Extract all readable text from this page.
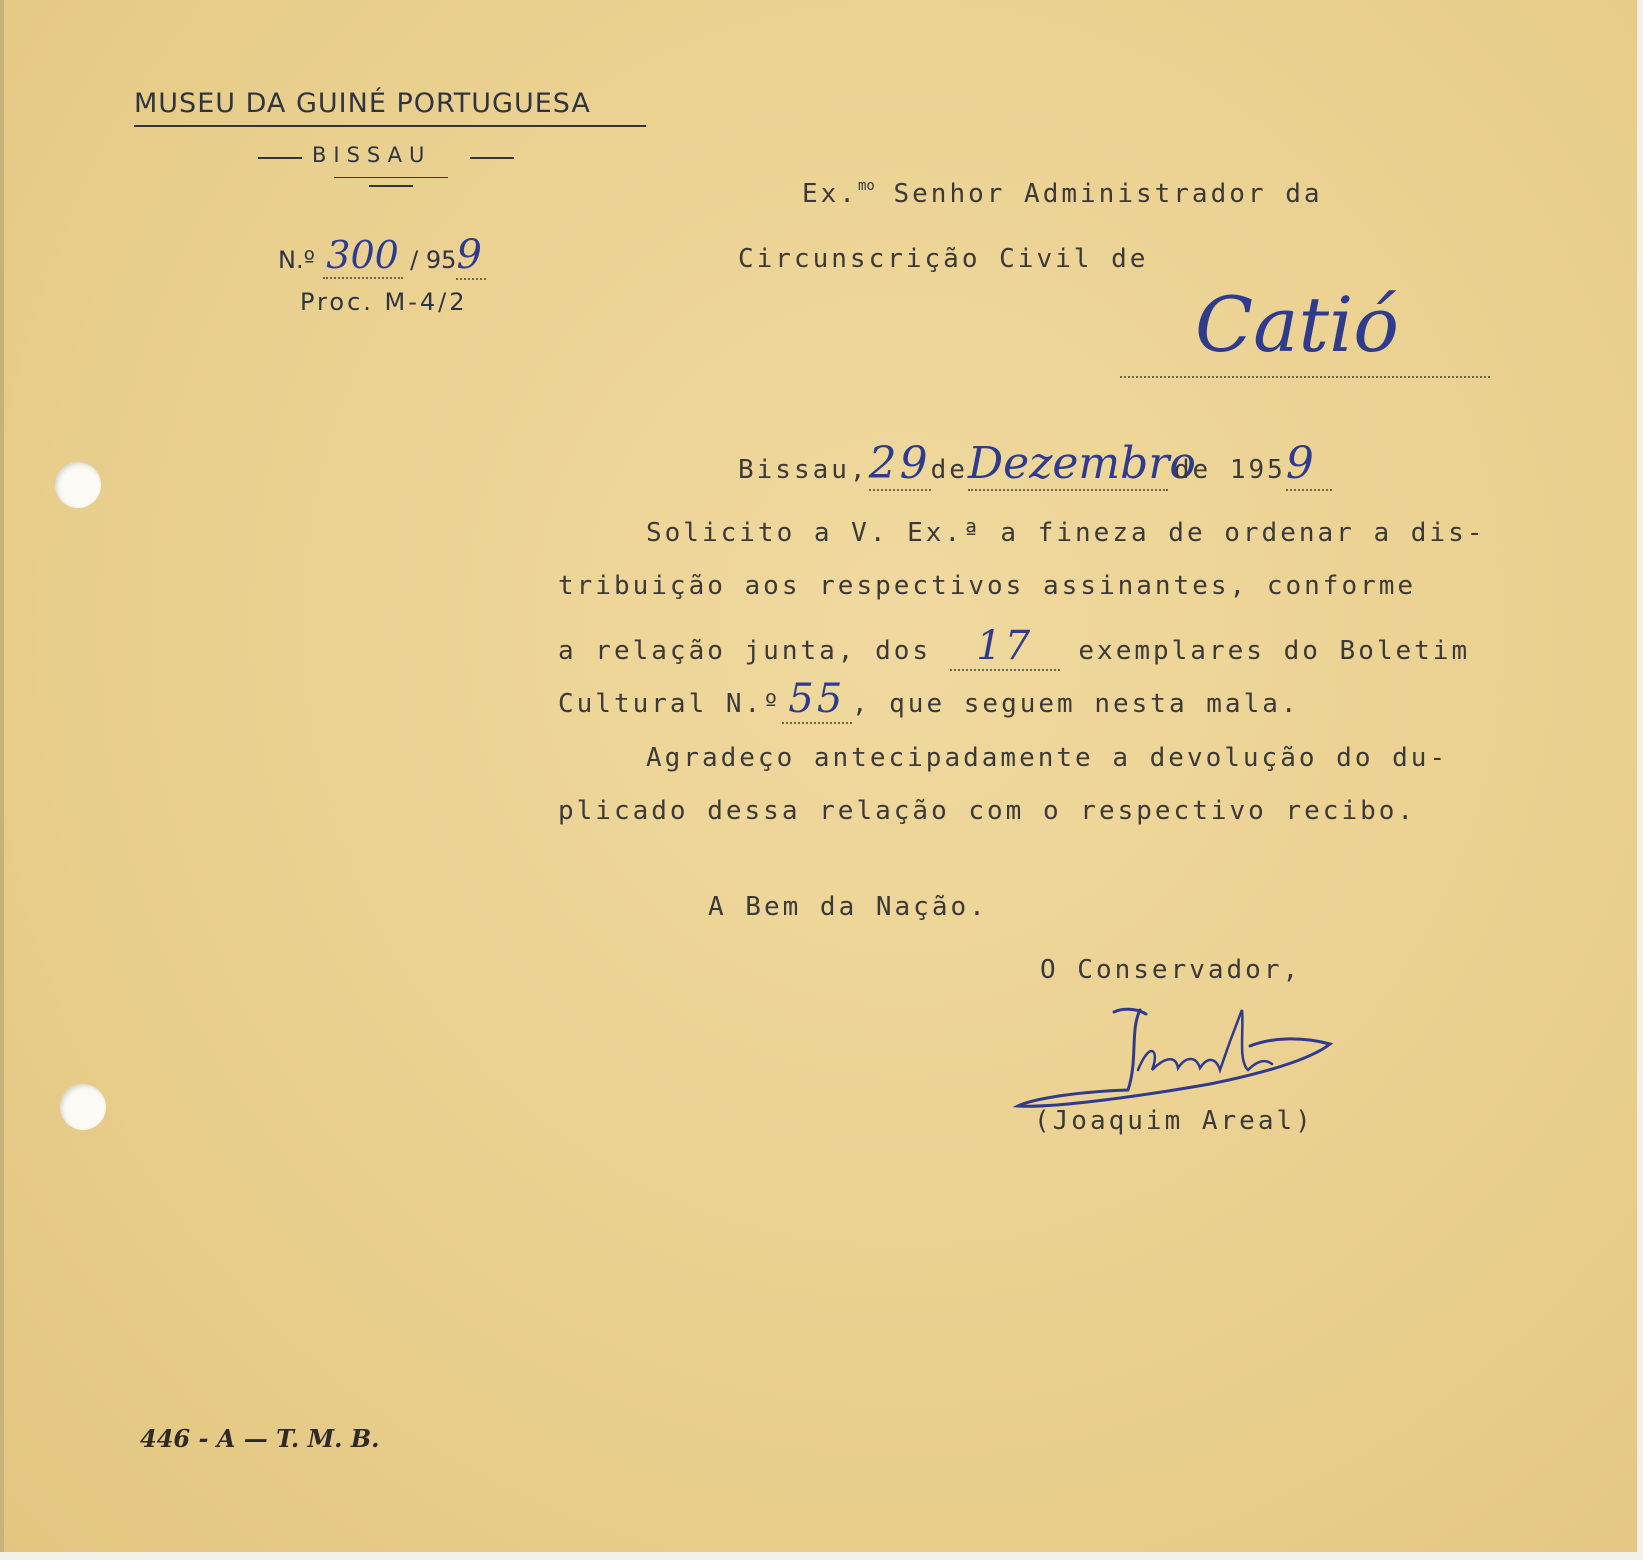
MUSEU DA GUINÉ PORTUGUESA
BISSAU
N.º 300 / 959
Proc. M-4/2
Ex.$^{mo}$ Senhor Administrador da
Circunscrição Civil de
Catió
Bissau,29deDezembrode 1959
Solicito a V. Ex.ª a fineza de ordenar a dis-
tribuição aos respectivos assinantes, conforme
a relação junta, dos 17 exemplares do Boletim
Cultural N.º 55 , que seguem nesta mala.
Agradeço antecipadamente a devolução do du-
plicado dessa relação com o respectivo recibo.
A Bem da Nação.
O Conservador,
(Joaquim Areal)
446 - A — T. M. B.
